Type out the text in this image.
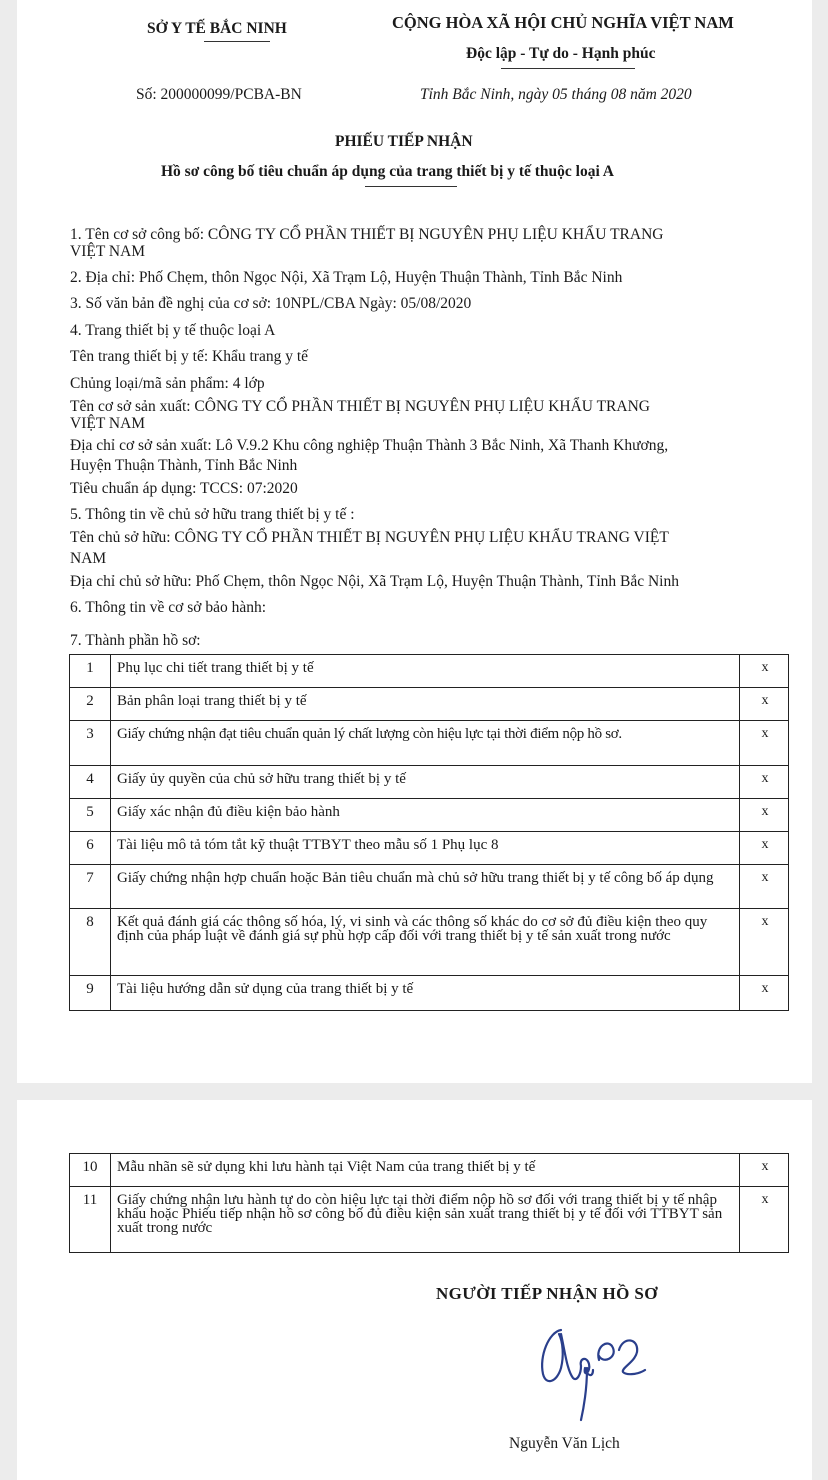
SỞ Y TẾ BẮC NINH	CỘNG HÒA XÃ HỘI CHỦ NGHĨA VIỆT NAM
Độc lập - Tự do - Hạnh phúc
Số: 200000099/PCBA-BN	Tỉnh Bắc Ninh, ngày 05 tháng 08 năm 2020
PHIẾU TIẾP NHẬN
Hồ sơ công bố tiêu chuẩn áp dụng của trang thiết bị y tế thuộc loại A
1. Tên cơ sở công bố: CÔNG TY CỔ PHẦN THIẾT BỊ NGUYÊN PHỤ LIỆU KHẨU TRANG
VIỆT NAM
2. Địa chỉ: Phố Chẹm, thôn Ngọc Nội, Xã Trạm Lộ, Huyện Thuận Thành, Tỉnh Bắc Ninh
3. Số văn bản đề nghị của cơ sở: 10NPL/CBA Ngày: 05/08/2020
4. Trang thiết bị y tế thuộc loại A
Tên trang thiết bị y tế: Khẩu trang y tế
Chủng loại/mã sản phẩm: 4 lớp
Tên cơ sở sản xuất: CÔNG TY CỔ PHẦN THIẾT BỊ NGUYÊN PHỤ LIỆU KHẨU TRANG
VIỆT NAM
Địa chỉ cơ sở sản xuất: Lô V.9.2 Khu công nghiệp Thuận Thành 3 Bắc Ninh, Xã Thanh Khương,
Huyện Thuận Thành, Tỉnh Bắc Ninh
Tiêu chuẩn áp dụng: TCCS: 07:2020
5. Thông tin về chủ sở hữu trang thiết bị y tế :
Tên chủ sở hữu: CÔNG TY CỔ PHẦN THIẾT BỊ NGUYÊN PHỤ LIỆU KHẨU TRANG VIỆT
NAM
Địa chỉ chủ sở hữu: Phố Chẹm, thôn Ngọc Nội, Xã Trạm Lộ, Huyện Thuận Thành, Tỉnh Bắc Ninh
6. Thông tin về cơ sở bảo hành:
7. Thành phần hồ sơ:
1	Phụ lục chi tiết trang thiết bị y tế	x
2	Bản phân loại trang thiết bị y tế	x
3	Giấy chứng nhận đạt tiêu chuẩn quản lý chất lượng còn hiệu lực tại thời điểm nộp hồ sơ.	x
4	Giấy ủy quyền của chủ sở hữu trang thiết bị y tế	x
5	Giấy xác nhận đủ điều kiện bảo hành	x
6	Tài liệu mô tả tóm tắt kỹ thuật TTBYT theo mẫu số 1 Phụ lục 8	x
7	Giấy chứng nhận hợp chuẩn hoặc Bản tiêu chuẩn mà chủ sở hữu trang thiết bị y tế công bố áp dụng	x
8	Kết quả đánh giá các thông số hóa, lý, vi sinh và các thông số khác do cơ sở đủ điều kiện theo quy định của pháp luật về đánh giá sự phù hợp cấp đối với trang thiết bị y tế sản xuất trong nước	x
9	Tài liệu hướng dẫn sử dụng của trang thiết bị y tế	x
10	Mẫu nhãn sẽ sử dụng khi lưu hành tại Việt Nam của trang thiết bị y tế	x
11	Giấy chứng nhận lưu hành tự do còn hiệu lực tại thời điểm nộp hồ sơ đối với trang thiết bị y tế nhập khẩu hoặc Phiếu tiếp nhận hồ sơ công bố đủ điều kiện sản xuất trang thiết bị y tế đối với TTBYT sản xuất trong nước	x
NGƯỜI TIẾP NHẬN HỒ SƠ
Nguyễn Văn Lịch
